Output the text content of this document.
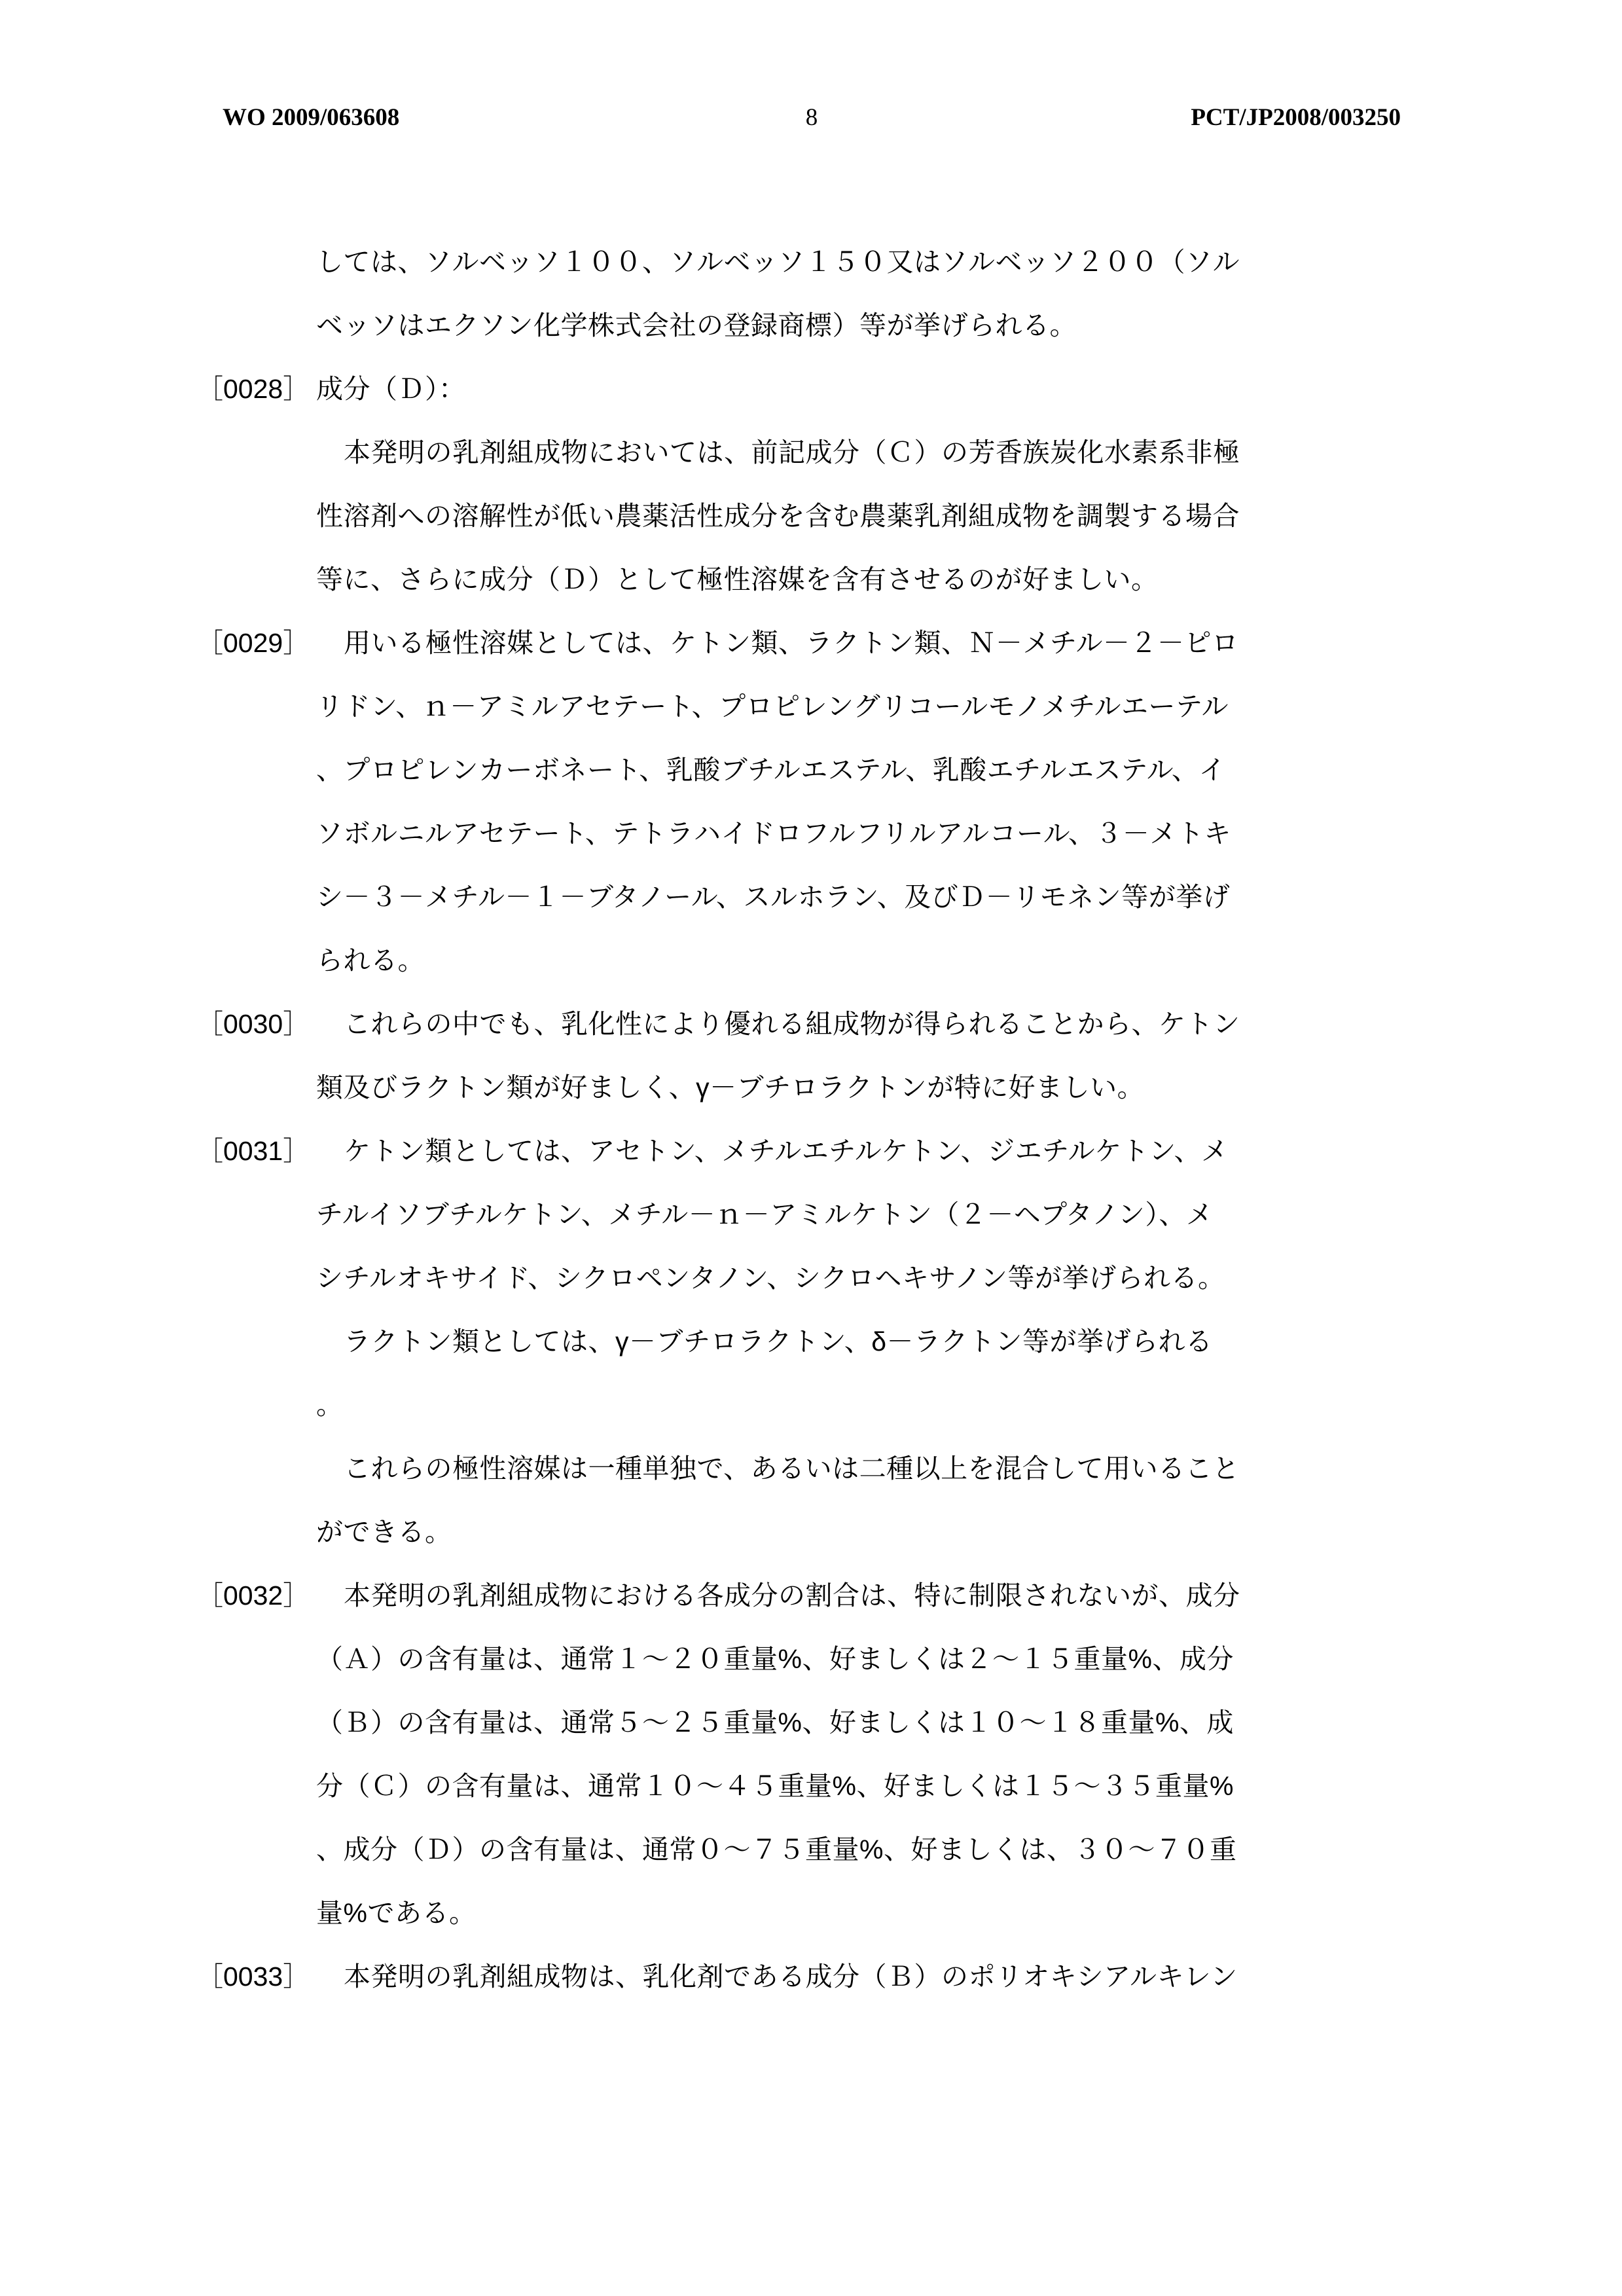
WO 2009/063608	8	PCT/JP2008/003250
しては、ソルベッソ１００、ソルベッソ１５０又はソルベッソ２００（ソル
ベッソはエクソン化学株式会社の登録商標）等が挙げられる。
［0028］ 成分（Ｄ）：
本発明の乳剤組成物においては、前記成分（Ｃ）の芳香族炭化水素系非極
性溶剤への溶解性が低い農薬活性成分を含む農薬乳剤組成物を調製する場合
等に、さらに成分（Ｄ）として極性溶媒を含有させるのが好ましい。
［0029］ 用いる極性溶媒としては、ケトン類、ラクトン類、Ｎ－メチル－２－ピロ
リドン、ｎ－アミルアセテート、プロピレングリコールモノメチルエーテル
、プロピレンカーボネート、乳酸ブチルエステル、乳酸エチルエステル、イ
ソボルニルアセテート、テトラハイドロフルフリルアルコール、３－メトキ
シ－３－メチル－１－ブタノール、スルホラン、及びＤ－リモネン等が挙げ
られる。
［0030］ これらの中でも、乳化性により優れる組成物が得られることから、ケトン
類及びラクトン類が好ましく、γ－ブチロラクトンが特に好ましい。
［0031］ ケトン類としては、アセトン、メチルエチルケトン、ジエチルケトン、メ
チルイソブチルケトン、メチル－ｎ－アミルケトン（２－ヘプタノン）、メ
シチルオキサイド、シクロペンタノン、シクロヘキサノン等が挙げられる。
ラクトン類としては、γ－ブチロラクトン、δ－ラクトン等が挙げられる
。
これらの極性溶媒は一種単独で、あるいは二種以上を混合して用いること
ができる。
［0032］ 本発明の乳剤組成物における各成分の割合は、特に制限されないが、成分
（Ａ）の含有量は、通常１～２０重量%、好ましくは２～１５重量%、成分
（Ｂ）の含有量は、通常５～２５重量%、好ましくは１０～１８重量%、成
分（Ｃ）の含有量は、通常１０～４５重量%、好ましくは１５～３５重量%
、成分（Ｄ）の含有量は、通常０～７５重量%、好ましくは、３０～７０重
量%である。
［0033］ 本発明の乳剤組成物は、乳化剤である成分（Ｂ）のポリオキシアルキレン
